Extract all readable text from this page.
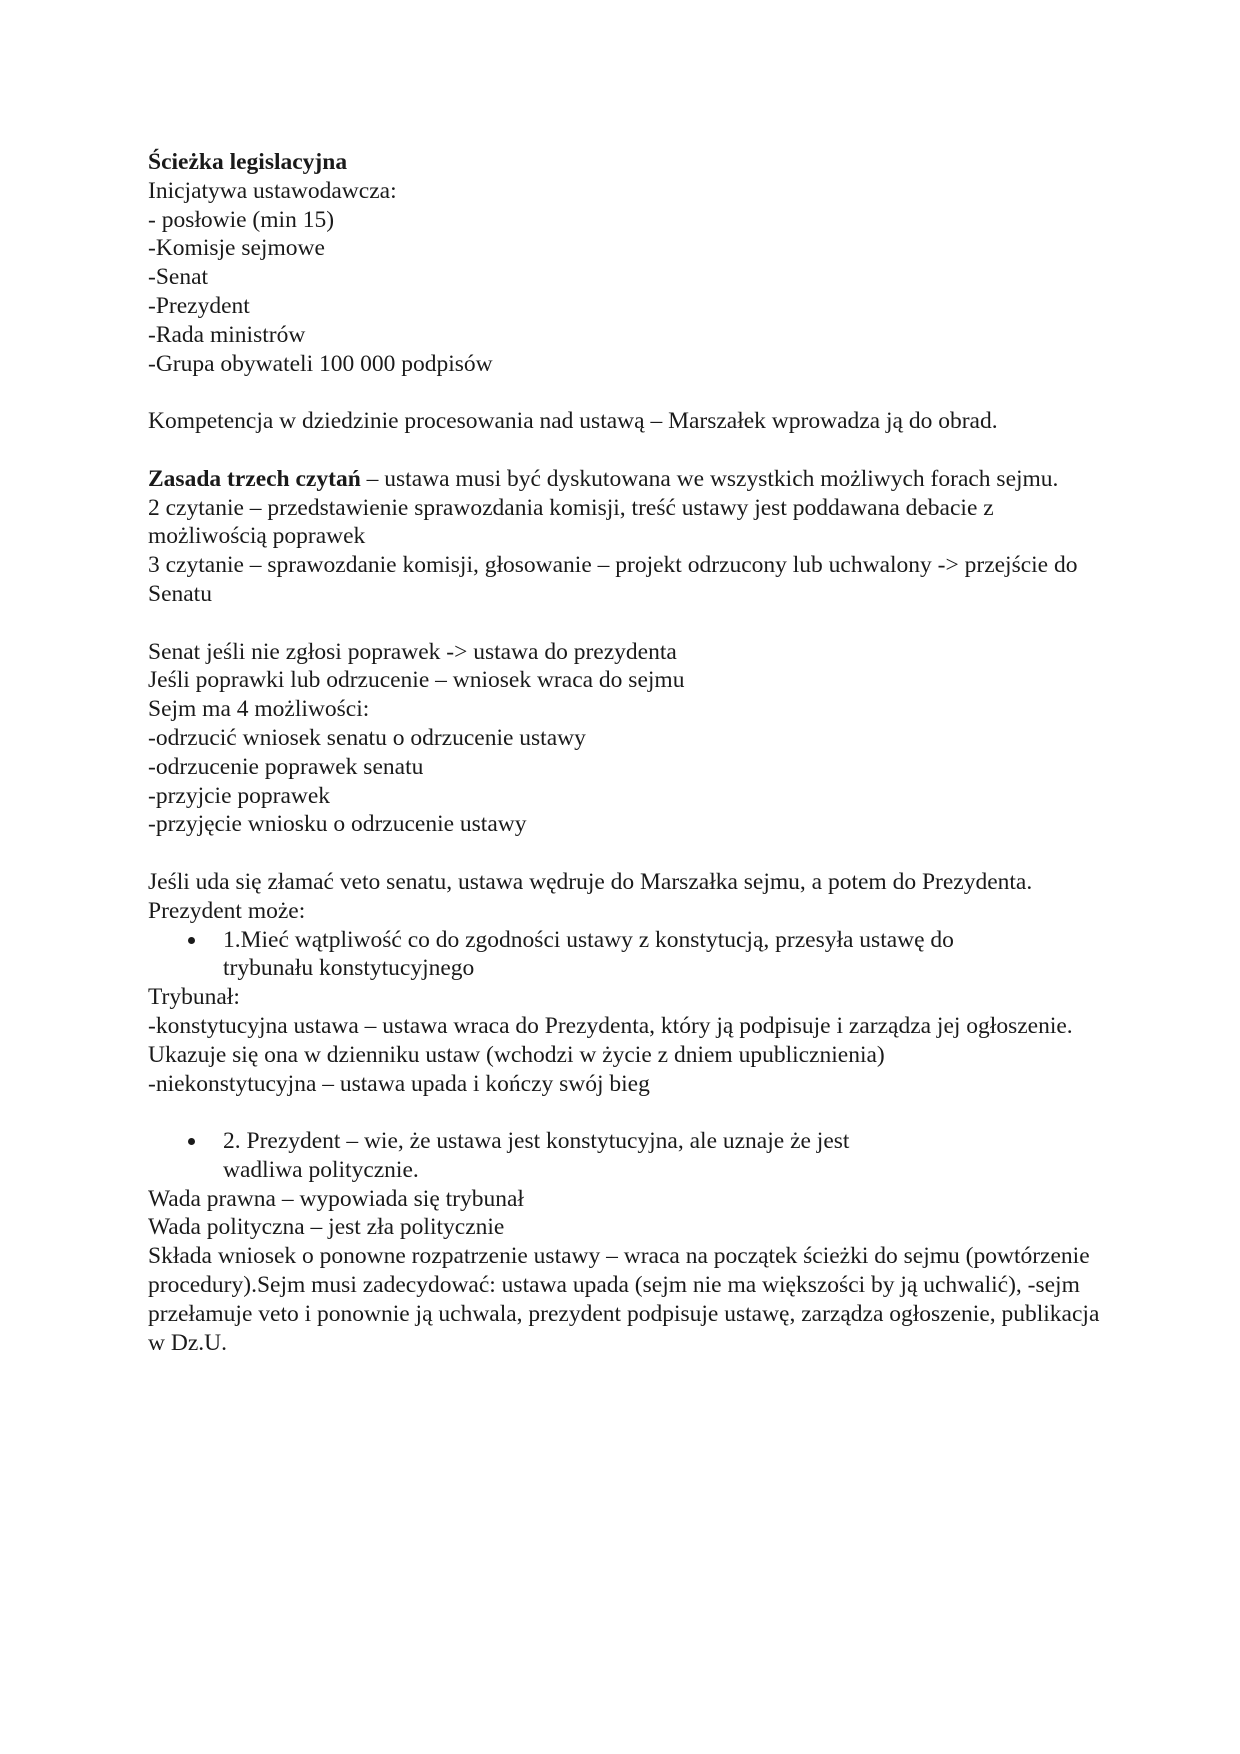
Ścieżka legislacyjna
Inicjatywa ustawodawcza:
- posłowie (min 15)
-Komisje sejmowe
-Senat
-Prezydent
-Rada ministrów
-Grupa obywateli 100 000 podpisów
Kompetencja w dziedzinie procesowania nad ustawą – Marszałek wprowadza ją do obrad.
Zasada trzech czytań – ustawa musi być dyskutowana we wszystkich możliwych forach sejmu.
2 czytanie – przedstawienie sprawozdania komisji, treść ustawy jest poddawana debacie z możliwością poprawek
3 czytanie – sprawozdanie komisji, głosowanie – projekt odrzucony lub uchwalony -> przejście do Senatu
Senat jeśli nie zgłosi poprawek -> ustawa do prezydenta
Jeśli poprawki lub odrzucenie – wniosek wraca do sejmu
Sejm ma 4 możliwości:
-odrzucić wniosek senatu o odrzucenie ustawy
-odrzucenie poprawek senatu
-przyjcie poprawek
-przyjęcie wniosku o odrzucenie ustawy
Jeśli uda się złamać veto senatu, ustawa wędruje do Marszałka sejmu, a potem do Prezydenta.
Prezydent może:
1.Mieć wątpliwość co do zgodności ustawy z konstytucją, przesyła ustawę do trybunału konstytucyjnego
Trybunał:
-konstytucyjna ustawa – ustawa wraca do Prezydenta, który ją podpisuje i zarządza jej ogłoszenie. Ukazuje się ona w dzienniku ustaw (wchodzi w życie z dniem upublicznienia)
-niekonstytucyjna – ustawa upada i kończy swój bieg
2. Prezydent – wie, że ustawa jest konstytucyjna, ale uznaje że jest wadliwa politycznie.
Wada prawna – wypowiada się trybunał
Wada polityczna – jest zła politycznie
Składa wniosek o ponowne rozpatrzenie ustawy – wraca na początek ścieżki do sejmu (powtórzenie procedury).Sejm musi zadecydować: ustawa upada (sejm nie ma większości by ją uchwalić), -sejm przełamuje veto i ponownie ją uchwala, prezydent podpisuje ustawę, zarządza ogłoszenie, publikacja w Dz.U.
